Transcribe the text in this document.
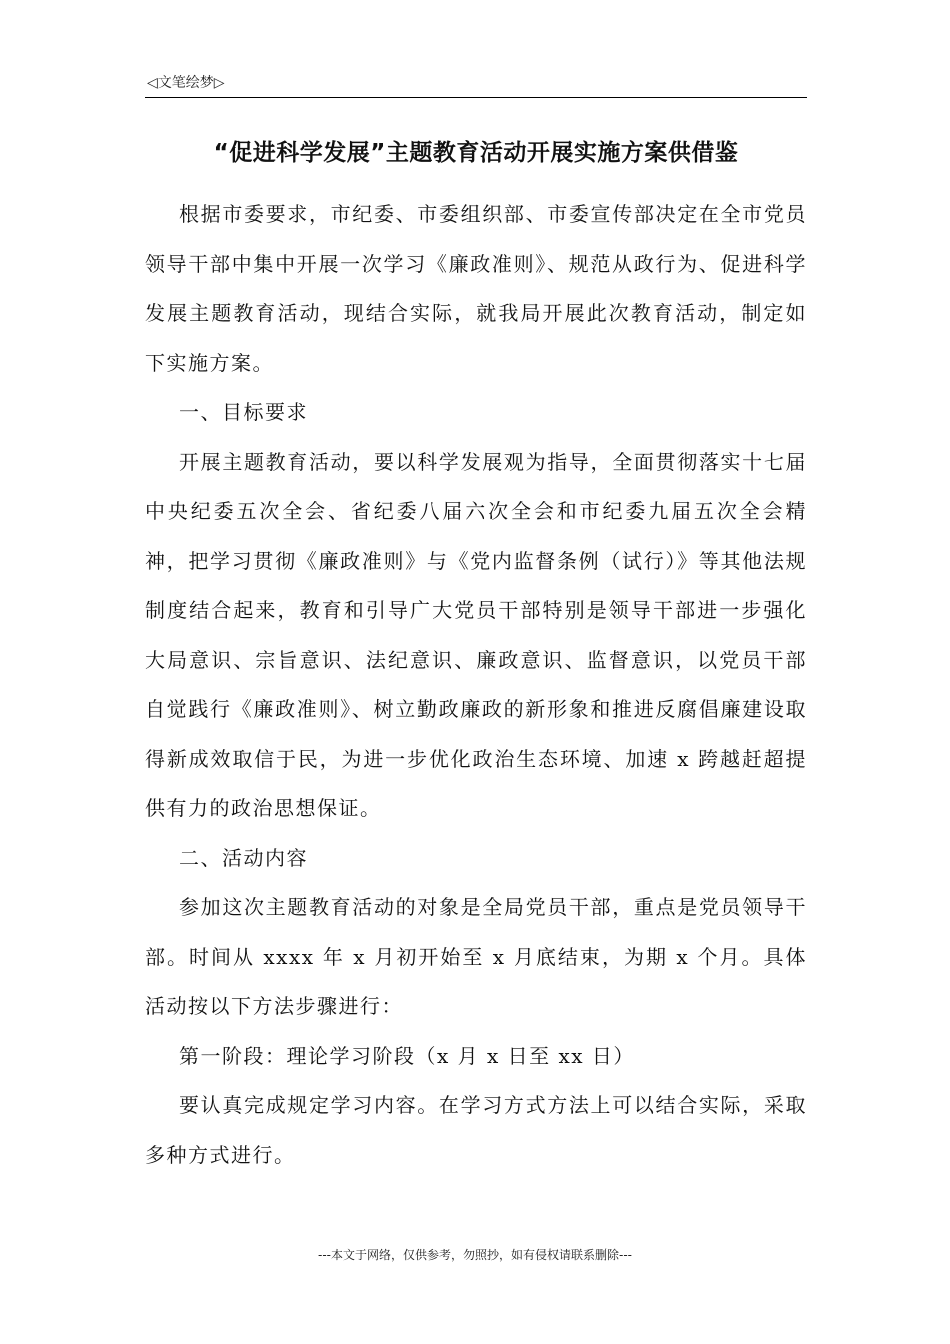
◁文笔绘梦▷
“促进科学发展”主题教育活动开展实施方案供借鉴

根据市委要求，市纪委、市委组织部、市委宣传部决定在全市党员领导干部中集中开展一次学习《廉政准则》、规范从政行为、促进科学发展主题教育活动，现结合实际，就我局开展此次教育活动，制定如下实施方案。

一、目标要求

开展主题教育活动，要以科学发展观为指导，全面贯彻落实十七届中央纪委五次全会、省纪委八届六次全会和市纪委九届五次全会精神，把学习贯彻《廉政准则》与《党内监督条例（试行）》等其他法规制度结合起来，教育和引导广大党员干部特别是领导干部进一步强化大局意识、宗旨意识、法纪意识、廉政意识、监督意识，以党员干部自觉践行《廉政准则》、树立勤政廉政的新形象和推进反腐倡廉建设取得新成效取信于民，为进一步优化政治生态环境、加速 x 跨越赶超提供有力的政治思想保证。

二、活动内容

参加这次主题教育活动的对象是全局党员干部，重点是党员领导干部。时间从 xxxx 年 x 月初开始至 x 月底结束，为期 x 个月。具体活动按以下方法步骤进行：

第一阶段：理论学习阶段（x 月 x 日至 xx 日）

要认真完成规定学习内容。在学习方式方法上可以结合实际，采取多种方式进行。

---本文于网络，仅供参考，勿照抄，如有侵权请联系删除---
